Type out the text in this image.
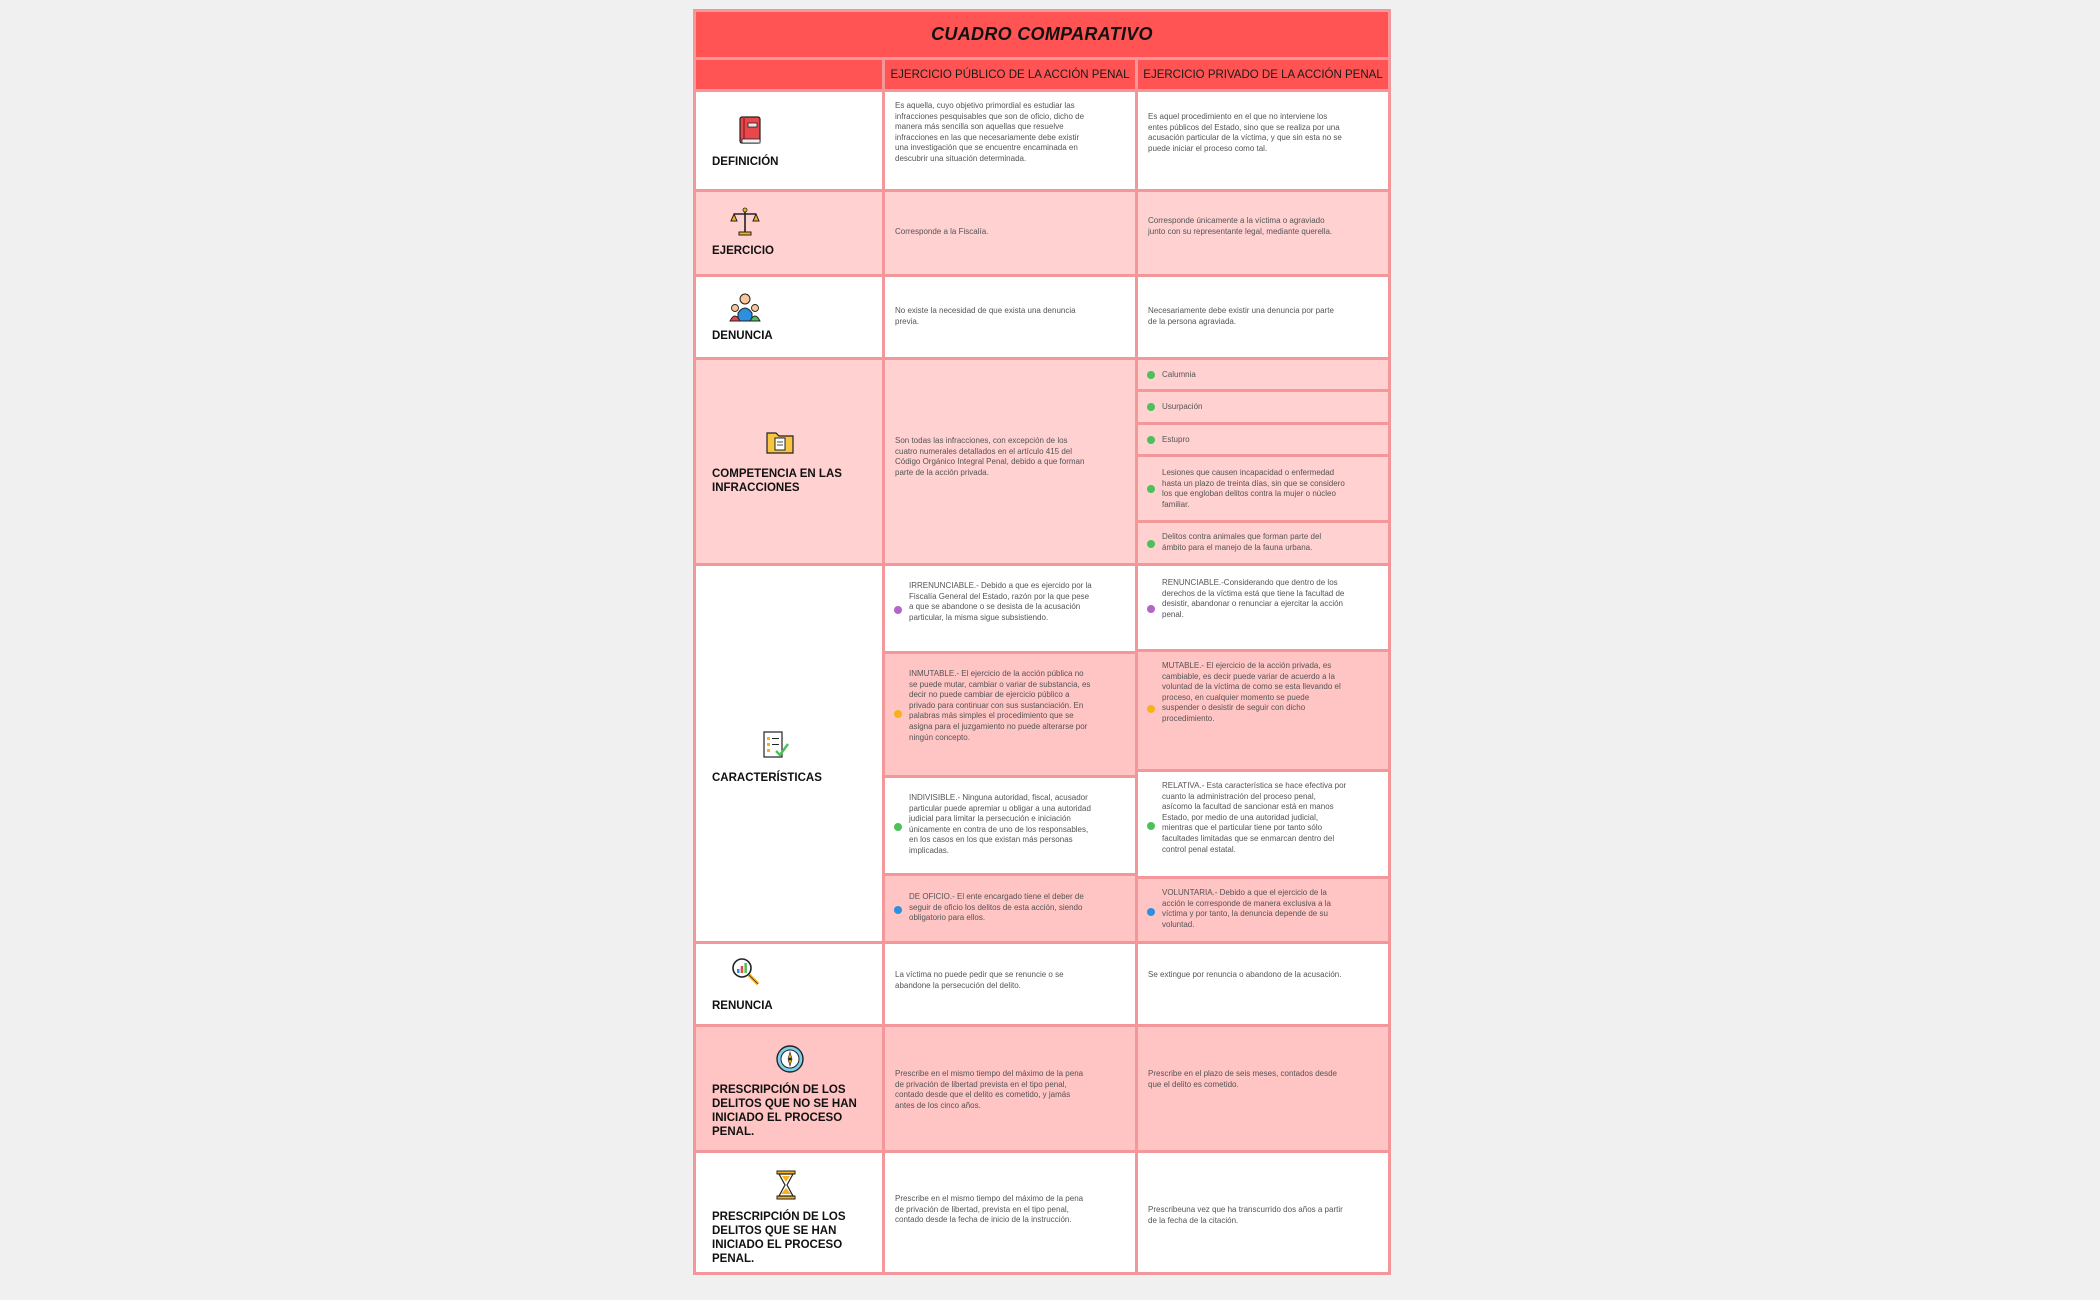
CUADRO COMPARATIVO
EJERCICIO PÚBLICO DE LA ACCIÓN PENAL EJERCICIO PRIVADO DE LA ACCIÓN PENAL
DEFINICIÓN
Es aquella, cuyo objetivo primordial es estudiar las infracciones pesquisables que son de oficio, dicho de manera más sencilla son aquellas que resuelve infracciones en las que necesariamente debe existir una investigación que se encuentre encaminada en descubrir una situación determinada.
Es aquel procedimiento en el que no interviene los entes públicos del Estado, sino que se realiza por una acusación particular de la víctima, y que sin esta no se puede iniciar el proceso como tal.
EJERCICIO
Corresponde a la Fiscalía.
Corresponde únicamente a la víctima o agraviado junto con su representante legal, mediante querella.
DENUNCIA
No existe la necesidad de que exista una denuncia previa.
Necesariamente debe existir una denuncia por parte de la persona agraviada.
COMPETENCIA EN LAS INFRACCIONES
Son todas las infracciones, con excepción de los cuatro numerales detallados en el artículo 415 del Código Orgánico Integral Penal, debido a que forman parte de la acción privada.
Calumnia
Usurpación
Estupro
Lesiones que causen incapacidad o enfermedad hasta un plazo de treinta días, sin que se considero los que engloban delitos contra la mujer o núcleo familiar.
Delitos contra animales que forman parte del ámbito para el manejo de la fauna urbana.
CARACTERÍSTICAS
IRRENUNCIABLE.- Debido a que es ejercido por la Fiscalía General del Estado, razón por la que pese a que se abandone o se desista de la acusación particular, la misma sigue subsistiendo.
INMUTABLE.- El ejercicio de la acción pública no se puede mutar, cambiar o variar de substancia, es decir no puede cambiar de ejercicio público a privado para continuar con sus sustanciación. En palabras más simples el procedimiento que se asigna para el juzgamiento no puede alterarse por ningún concepto.
INDIVISIBLE.- Ninguna autoridad, fiscal, acusador particular puede apremiar u obligar a una autoridad judicial para limitar la persecución e iniciación únicamente en contra de uno de los responsables, en los casos en los que existan más personas implicadas.
DE OFICIO.- El ente encargado tiene el deber de seguir de oficio los delitos de esta acción, siendo obligatorio para ellos.
RENUNCIABLE.-Considerando que dentro de los derechos de la víctima está que tiene la facultad de desistir, abandonar o renunciar a ejercitar la acción penal.
MUTABLE.- El ejercicio de la acción privada, es cambiable, es decir puede variar de acuerdo a la voluntad de la víctima de como se esta llevando el proceso, en cualquier momento se puede suspender o desistir de seguir con dicho procedimiento.
RELATIVA.- Esta característica se hace efectiva por cuanto la administración del proceso penal, asícomo la facultad de sancionar está en manos Estado, por medio de una autoridad judicial, mientras que el particular tiene por tanto sólo facultades limitadas que se enmarcan dentro del control penal estatal.
VOLUNTARIA.- Debido a que el ejercicio de la acción le corresponde de manera exclusiva a la víctima y por tanto, la denuncia depende de su voluntad.
RENUNCIA
La víctima no puede pedir que se renuncie o se abandone la persecución del delito.
Se extingue por renuncia o abandono de la acusación.
PRESCRIPCIÓN DE LOS DELITOS QUE NO SE HAN INICIADO EL PROCESO PENAL.
Prescribe en el mismo tiempo del máximo de la pena de privación de libertad prevista en el tipo penal, contado desde que el delito es cometido, y jamás antes de los cinco años.
Prescribe en el plazo de seis meses, contados desde que el delito es cometido.
PRESCRIPCIÓN DE LOS DELITOS QUE SE HAN INICIADO EL PROCESO PENAL.
Prescribe en el mismo tiempo del máximo de la pena de privación de libertad, prevista en el tipo penal, contado desde la fecha de inicio de la instrucción.
Prescribeuna vez que ha transcurrido dos años a partir de la fecha de la citación.
